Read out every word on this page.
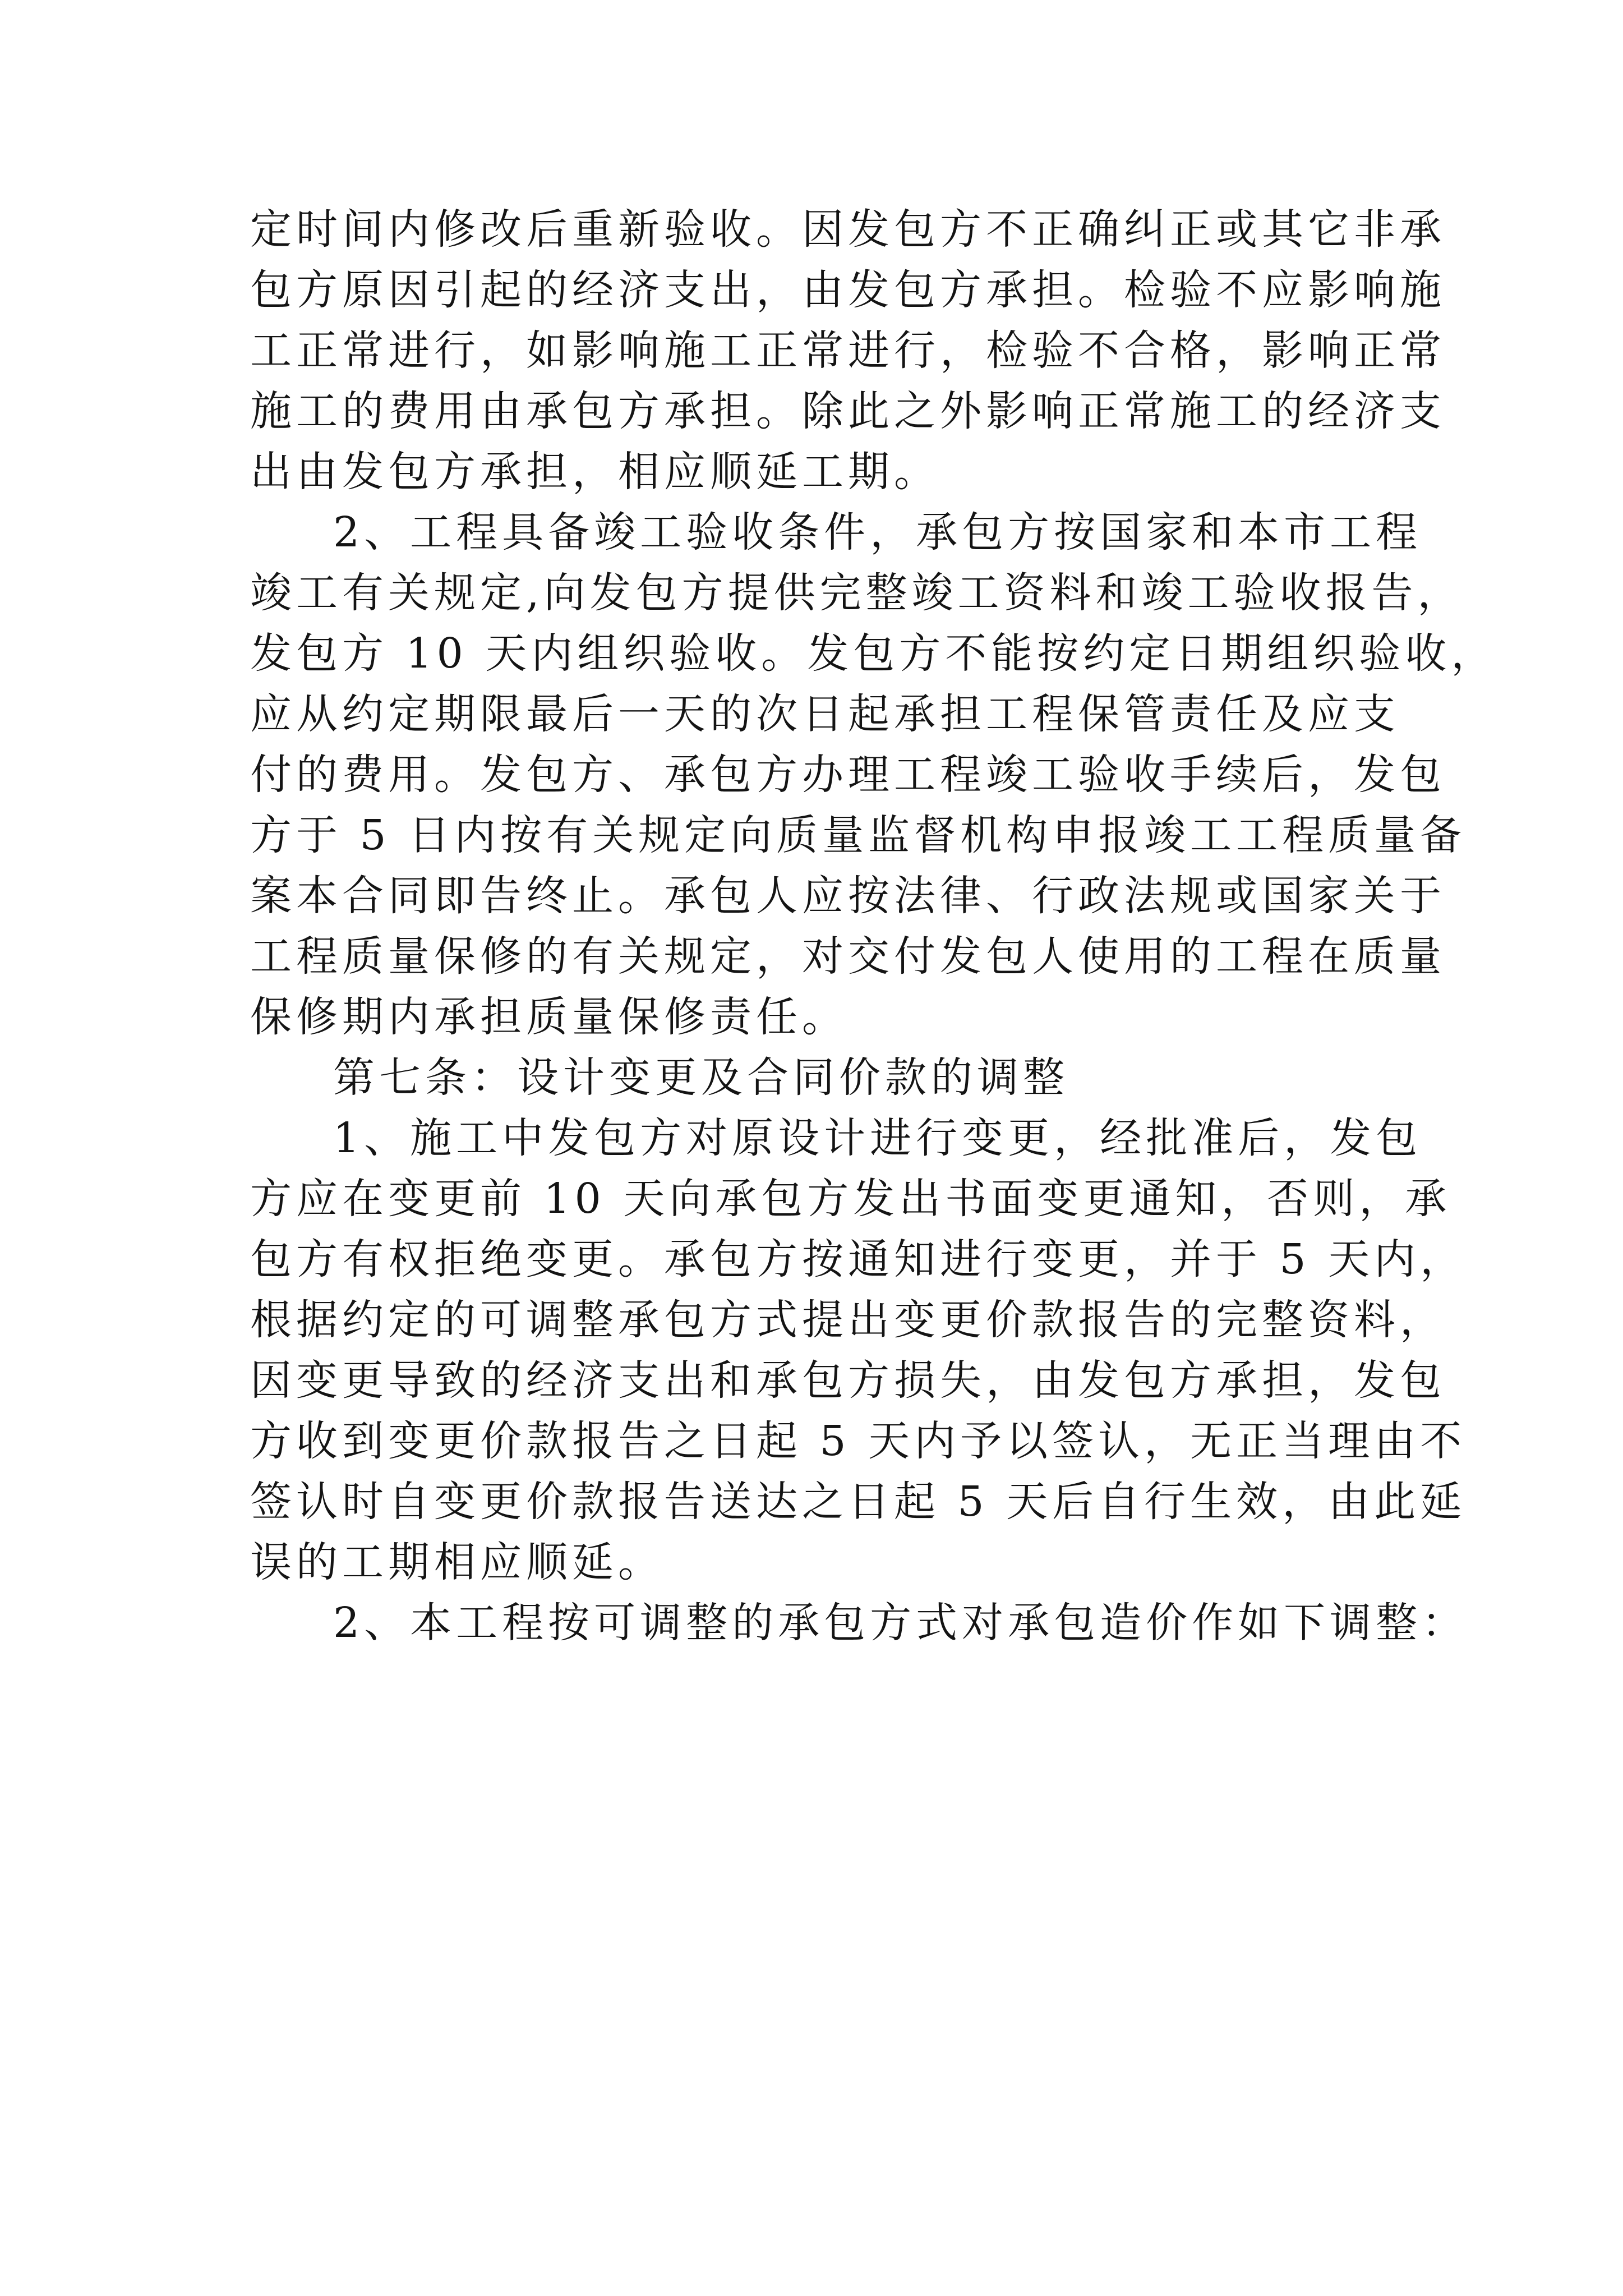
定时间内修改后重新验收。因发包方不正确纠正或其它非承
包方原因引起的经济支出，由发包方承担。检验不应影响施
工正常进行，如影响施工正常进行，检验不合格，影响正常
施工的费用由承包方承担。除此之外影响正常施工的经济支
出由发包方承担，相应顺延工期。
2、工程具备竣工验收条件，承包方按国家和本市工程
竣工有关规定,向发包方提供完整竣工资料和竣工验收报告，
发包方 10 天内组织验收。发包方不能按约定日期组织验收，
应从约定期限最后一天的次日起承担工程保管责任及应支
付的费用。发包方、承包方办理工程竣工验收手续后，发包
方于 5 日内按有关规定向质量监督机构申报竣工工程质量备
案本合同即告终止。承包人应按法律、行政法规或国家关于
工程质量保修的有关规定，对交付发包人使用的工程在质量
保修期内承担质量保修责任。
第七条：设计变更及合同价款的调整
1、施工中发包方对原设计进行变更，经批准后，发包
方应在变更前 10 天向承包方发出书面变更通知，否则，承
包方有权拒绝变更。承包方按通知进行变更，并于 5 天内，
根据约定的可调整承包方式提出变更价款报告的完整资料，
因变更导致的经济支出和承包方损失，由发包方承担，发包
方收到变更价款报告之日起 5 天内予以签认，无正当理由不
签认时自变更价款报告送达之日起 5 天后自行生效，由此延
误的工期相应顺延。
2、本工程按可调整的承包方式对承包造价作如下调整：
